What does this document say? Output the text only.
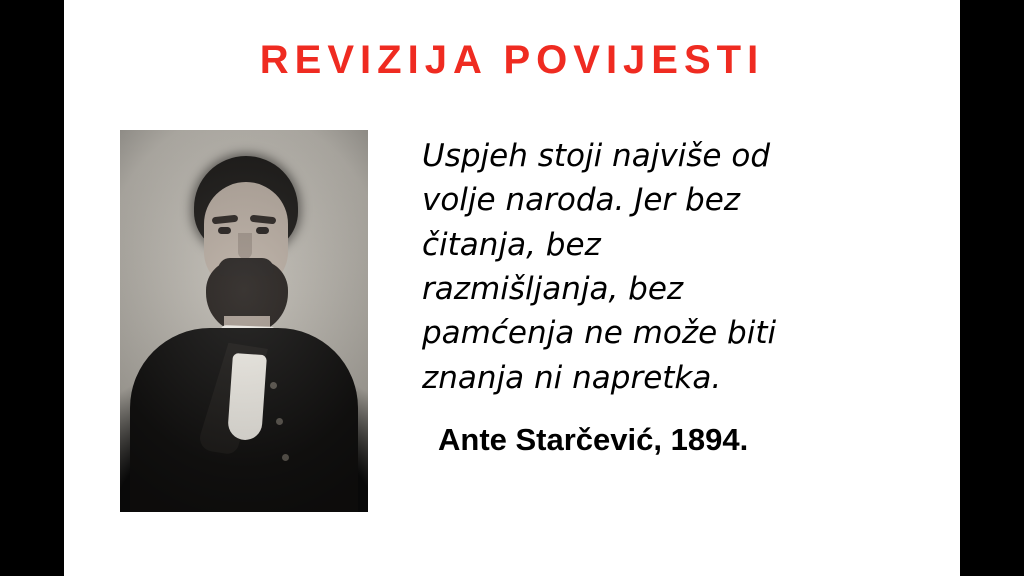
REVIZIJA POVIJESTI

Uspjeh stoji najviše od volje naroda. Jer bez čitanja, bez razmišljanja, bez pamćenja ne može biti znanja ni napretka.

Ante Starčević, 1894.
